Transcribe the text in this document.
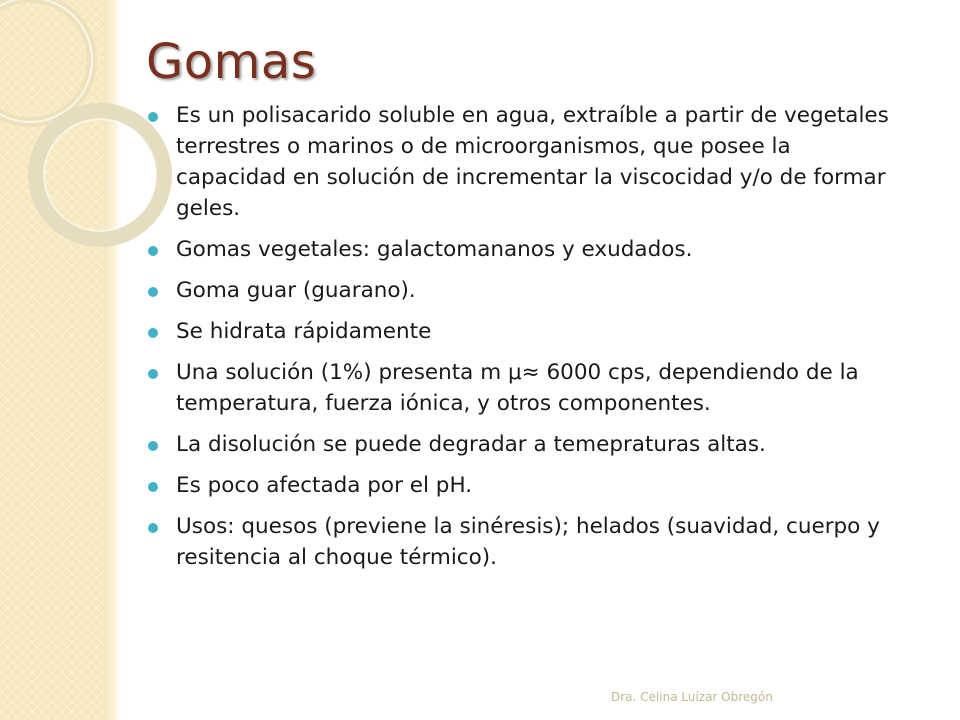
Gomas
Es un polisacarido soluble en agua, extraíble a partir de vegetales terrestres o marinos o de microorganismos, que posee la capacidad en solución de incrementar la viscocidad y/o de formar geles.
Gomas vegetales: galactomananos y exudados.
Goma guar (guarano).
Se hidrata rápidamente
Una solución (1%) presenta m μ≈ 6000 cps, dependiendo de la temperatura, fuerza iónica, y otros componentes.
La disolución se puede degradar a temeprаturas altas.
Es poco afectada por el pH.
Usos: quesos (previene la sinéresis); helados (suavidad, cuerpo y resitencia al choque térmico).
Dra. Celina Luízar Obregón
